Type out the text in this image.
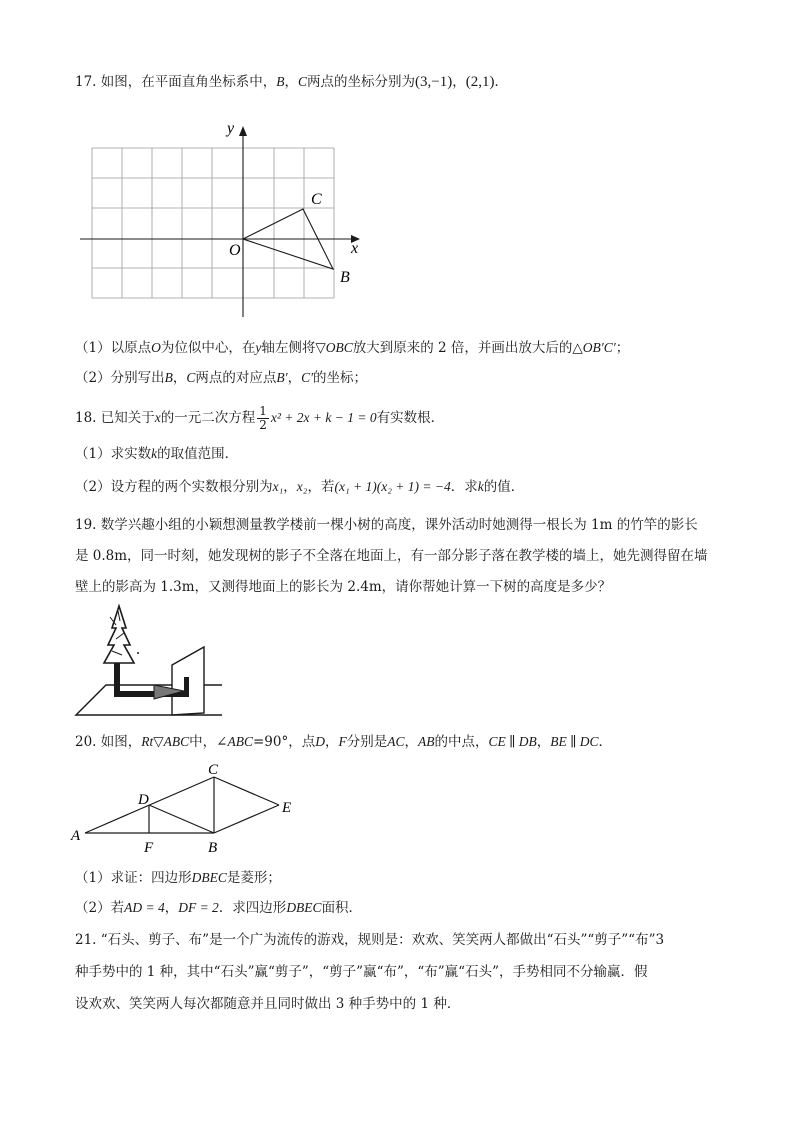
17. 如图，在平面直角坐标系中，B，C两点的坐标分别为(3,−1)，(2,1)．
y
x
O
C
B
（1）以原点O为位似中心，在y轴左侧将▽OBC放大到原来的 2 倍，并画出放大后的△OB′C′；
（2）分别写出B，C两点的对应点B′，C′的坐标；
18. 已知关于x的一元二次方程 $\frac{1}{2} x^2 + 2x + k - 1 = 0$有实数根．
（1）求实数k的取值范围．
（2）设方程的两个实数根分别为x₁，x₂，若(x₁ + 1)(x₂ + 1) = −4．求k的值．
19. 数学兴趣小组的小颖想测量教学楼前一棵小树的高度，课外活动时她测得一根长为 1m 的竹竿的影长
是 0.8m，同一时刻，她发现树的影子不全落在地面上，有一部分影子落在教学楼的墙上，她先测得留在墙
壁上的影高为 1.3m，又测得地面上的影长为 2.4m，请你帮她计算一下树的高度是多少？
20. 如图，Rt▽ABC中，∠ABC=90°，点D，F分别是AC，AB的中点，CE ∥ DB，BE ∥ DC．
A
B
C
D	E
F
（1）求证：四边形DBEC是菱形；
（2）若AD = 4，DF = 2．求四边形DBEC面积．
21. “石头、剪子、布”是一个广为流传的游戏，规则是：欢欢、笑笑两人都做出“石头”“剪子”“布”3
种手势中的 1 种，其中“石头”赢“剪子”，“剪子”赢“布”，“布”赢“石头”，手势相同不分输赢．假
设欢欢、笑笑两人每次都随意并且同时做出 3 种手势中的 1 种．
